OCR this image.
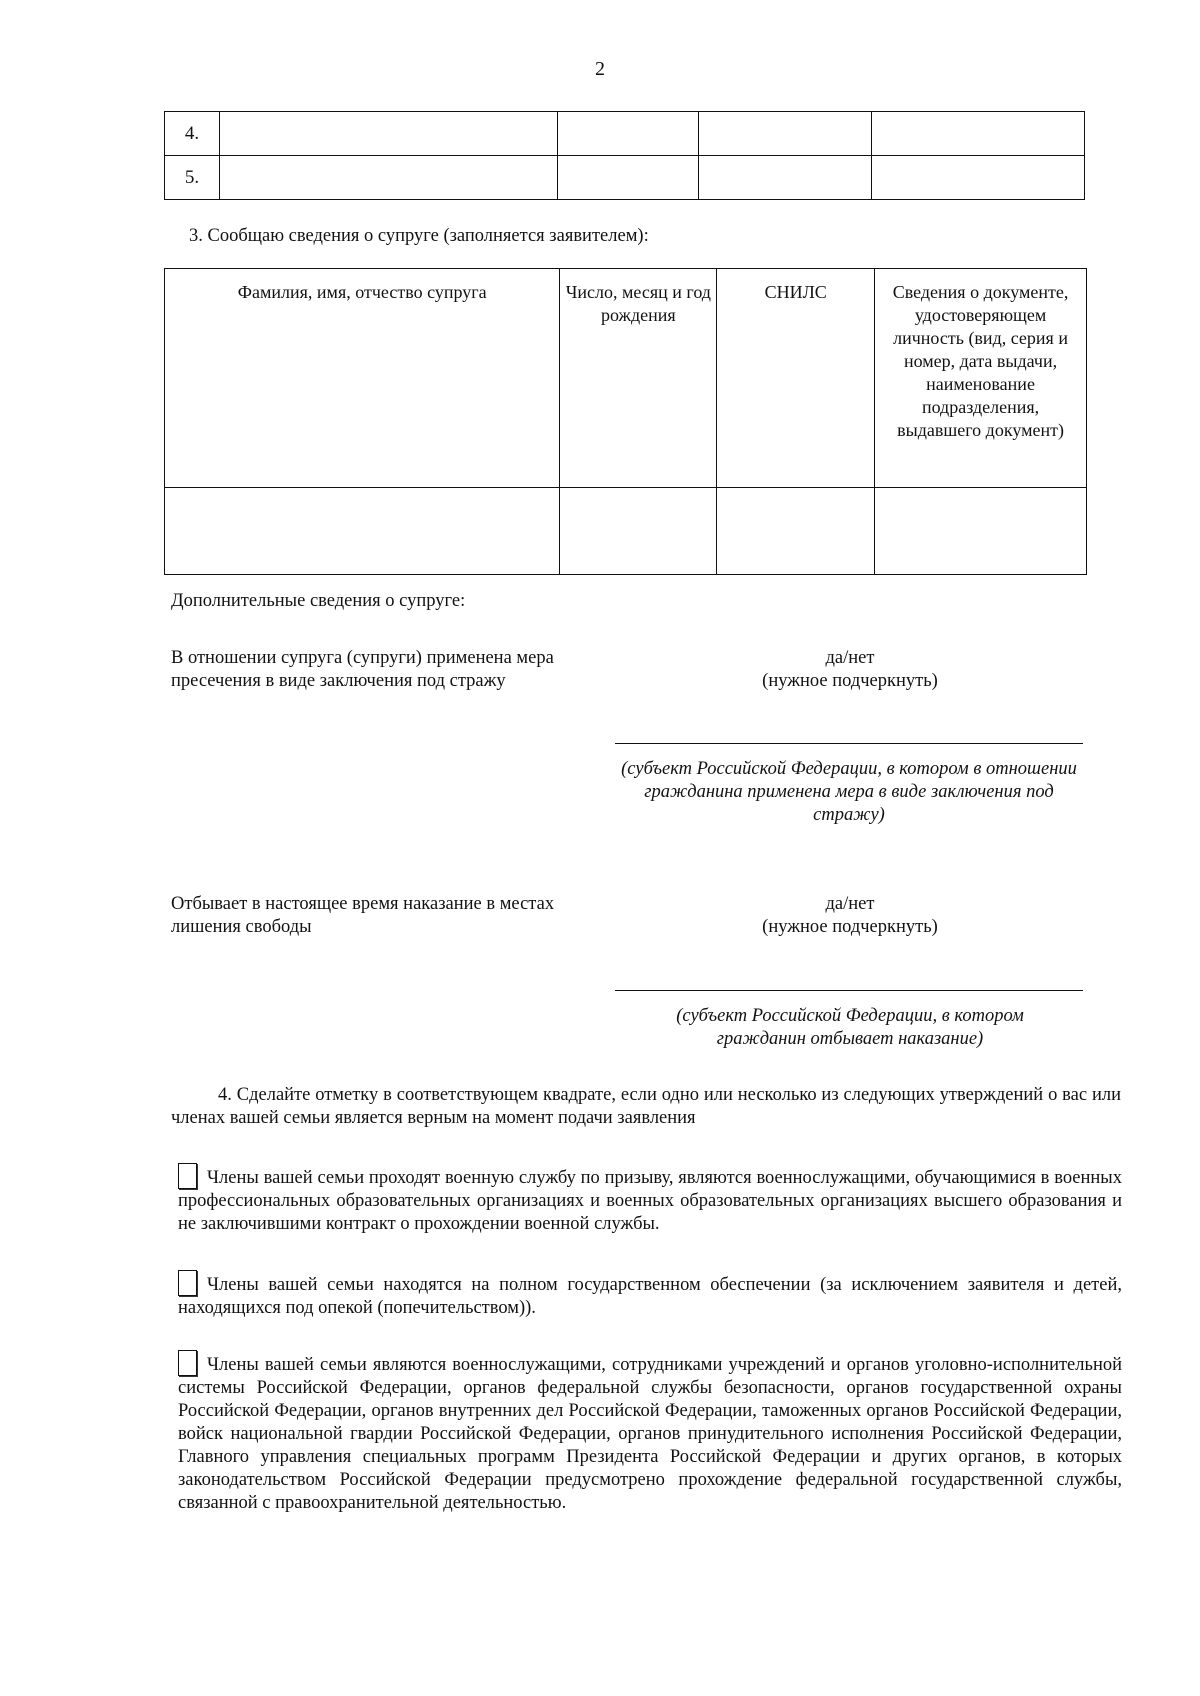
2
4.				
5.				
3. Сообщаю сведения о супруге (заполняется заявителем):
Фамилия, имя, отчество супруга	Число, месяц и год рождения	СНИЛС	Сведения о документе, удостоверяющем личность (вид, серия и номер, дата выдачи, наименование подразделения, выдавшего документ)

Дополнительные сведения о супруге:
В отношении супруга (супруги) применена мера пресечения в виде заключения под стражу
да/нет
(нужное подчеркнуть)
(субъект Российской Федерации, в котором в отношении гражданина применена мера в виде заключения под стражу)
Отбывает в настоящее время наказание в местах лишения свободы
да/нет
(нужное подчеркнуть)
(субъект Российской Федерации, в котором гражданин отбывает наказание)
4. Сделайте отметку в соответствующем квадрате, если одно или несколько из следующих утверждений о вас или членах вашей семьи является верным на момент подачи заявления
Члены вашей семьи проходят военную службу по призыву, являются военнослужащими, обучающимися в военных профессиональных образовательных организациях и военных образовательных организациях высшего образования и не заключившими контракт о прохождении военной службы.
Члены вашей семьи находятся на полном государственном обеспечении (за исключением заявителя и детей, находящихся под опекой (попечительством)).
Члены вашей семьи являются военнослужащими, сотрудниками учреждений и органов уголовно-исполнительной системы Российской Федерации, органов федеральной службы безопасности, органов государственной охраны Российской Федерации, органов внутренних дел Российской Федерации, таможенных органов Российской Федерации, войск национальной гвардии Российской Федерации, органов принудительного исполнения Российской Федерации, Главного управления специальных программ Президента Российской Федерации и других органов, в которых законодательством Российской Федерации предусмотрено прохождение федеральной государственной службы, связанной с правоохранительной деятельностью.
